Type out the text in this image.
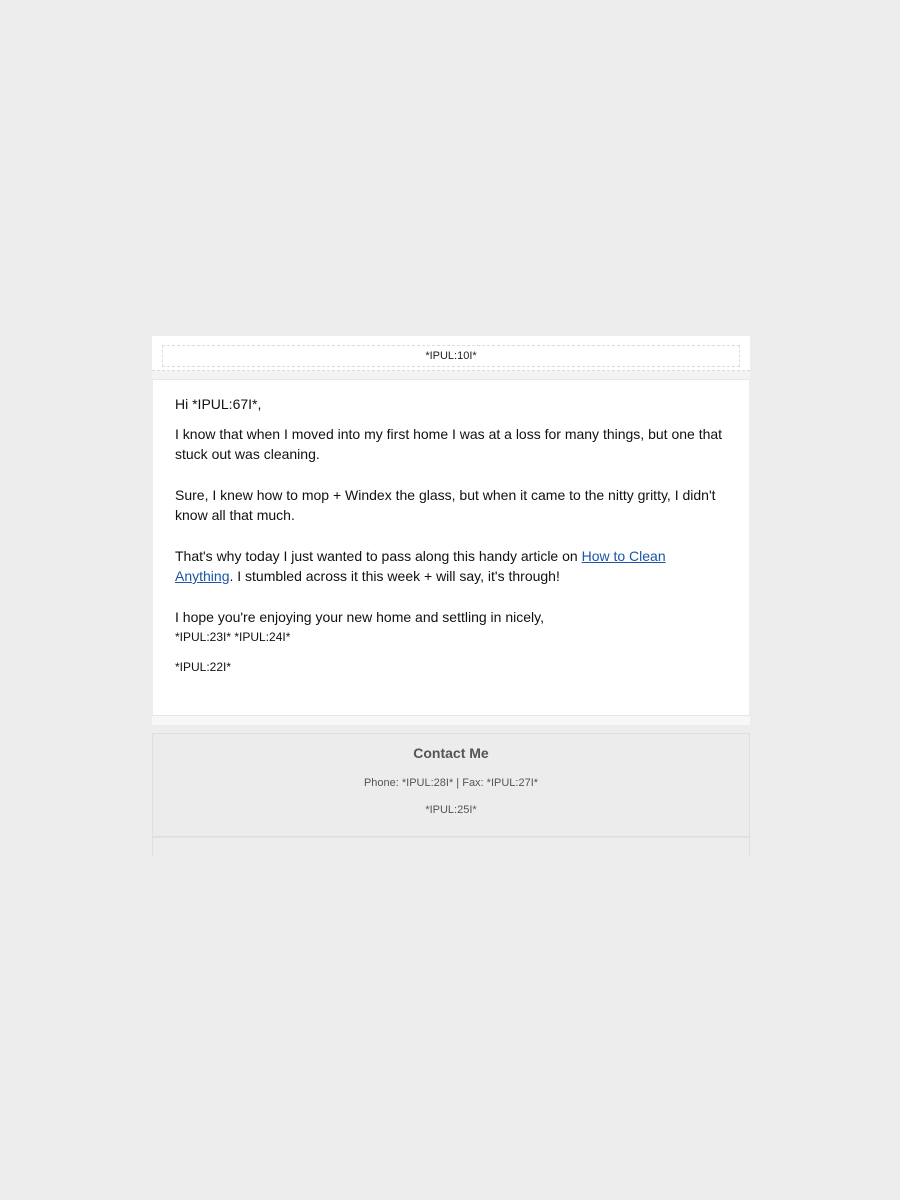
*IPUL:10I*

Hi *IPUL:67I*,

I know that when I moved into my first home I was at a loss for many things, but one that stuck out was cleaning.

Sure, I knew how to mop + Windex the glass, but when it came to the nitty gritty, I didn't know all that much.

That's why today I just wanted to pass along this handy article on How to Clean Anything. I stumbled across it this week + will say, it's through!

I hope you're enjoying your new home and settling in nicely,

*IPUL:23I* *IPUL:24I*

*IPUL:22I*

Contact Me
Phone: *IPUL:28I* | Fax: *IPUL:27I*
*IPUL:25I*
